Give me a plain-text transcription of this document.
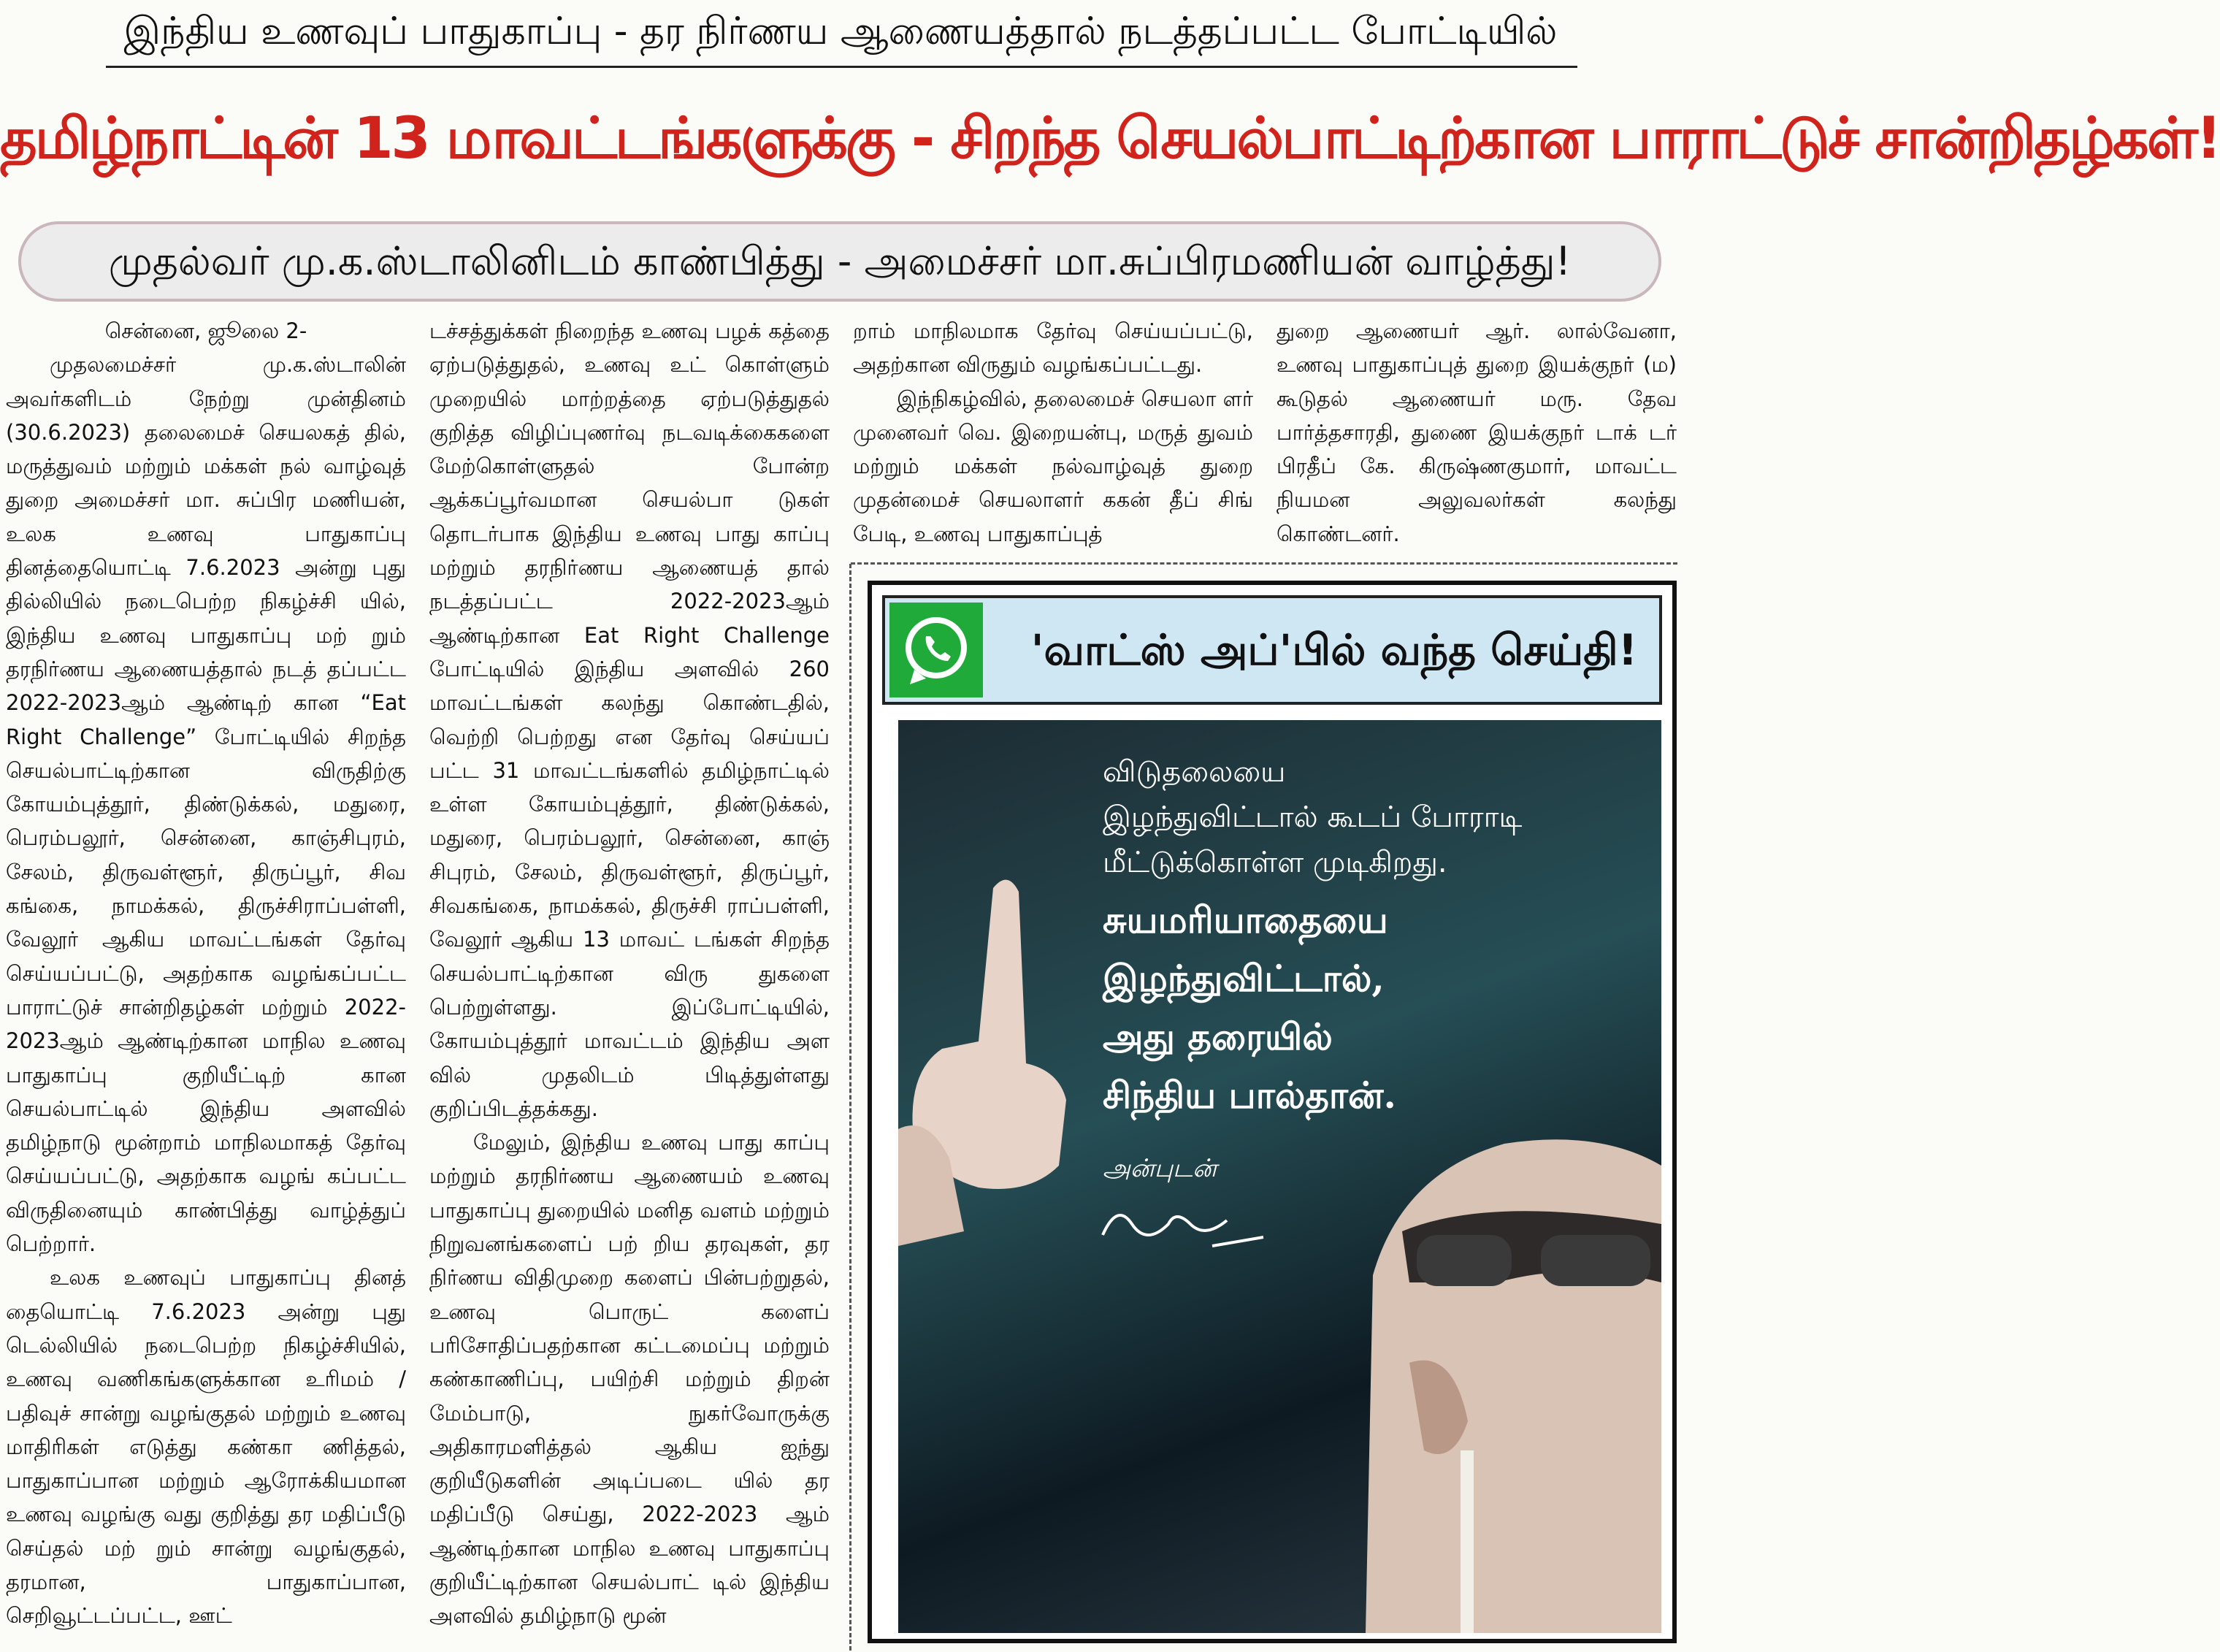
இந்திய உணவுப் பாதுகாப்பு - தர நிர்ணய ஆணையத்தால் நடத்தப்பட்ட போட்டியில்
தமிழ்நாட்டின் 13 மாவட்டங்களுக்கு - சிறந்த செயல்பாட்டிற்கான பாராட்டுச் சான்றிதழ்கள்!
முதல்வர் மு.க.ஸ்டாலினிடம் காண்பித்து - அமைச்சர் மா.சுப்பிரமணியன் வாழ்த்து!

சென்னை, ஜூலை 2-

முதலமைச்சர் மு.க.ஸ்டாலின் அவர்களிடம் நேற்று முன்தினம் (30.6.2023) தலைமைச் செயலகத் தில், மருத்துவம் மற்றும் மக்கள் நல் வாழ்வுத் துறை அமைச்சர் மா. சுப்பிர மணியன், உலக உணவு பாதுகாப்பு தினத்தையொட்டி 7.6.2023 அன்று புது தில்லியில் நடைபெற்ற நிகழ்ச்சி யில், இந்திய உணவு பாதுகாப்பு மற் றும் தரநிர்ணய ஆணையத்தால் நடத் தப்பட்ட 2022-2023ஆம் ஆண்டிற் கான “Eat Right Challenge” போட்டியில் சிறந்த செயல்பாட்டிற்கான விருதிற்கு கோயம்புத்தூர், திண்டுக்கல், மதுரை, பெரம்பலூர், சென்னை, காஞ்சிபுரம், சேலம், திருவள்ளூர், திருப்பூர், சிவ கங்கை, நாமக்கல், திருச்சிராப்பள்ளி, வேலூர் ஆகிய மாவட்டங்கள் தேர்வு செய்யப்பட்டு, அதற்காக வழங்கப்பட்ட பாராட்டுச் சான்றிதழ்கள் மற்றும் 2022-2023ஆம் ஆண்டிற்கான மாநில உணவு பாதுகாப்பு குறியீட்டிற் கான செயல்பாட்டில் இந்திய அளவில் தமிழ்நாடு மூன்றாம் மாநிலமாகத் தேர்வு செய்யப்பட்டு, அதற்காக வழங் கப்பட்ட விருதினையும் காண்பித்து வாழ்த்துப் பெற்றார்.

உலக உணவுப் பாதுகாப்பு தினத் தையொட்டி 7.6.2023 அன்று புது டெல்லியில் நடைபெற்ற நிகழ்ச்சியில், உணவு வணிகங்களுக்கான உரிமம் / பதிவுச் சான்று வழங்குதல் மற்றும் உணவு மாதிரிகள் எடுத்து கண்கா ணித்தல், பாதுகாப்பான மற்றும் ஆரோக்கியமான உணவு வழங்கு வது குறித்து தர மதிப்பீடு செய்தல் மற் றும் சான்று வழங்குதல், தரமான, பாதுகாப்பான, செறிவூட்டப்பட்ட, ஊட்

டச்சத்துக்கள் நிறைந்த உணவு பழக் கத்தை ஏற்படுத்துதல், உணவு உட் கொள்ளும் முறையில் மாற்றத்தை ஏற்படுத்துதல் குறித்த விழிப்புணர்வு நடவடிக்கைகளை மேற்கொள்ளுதல் போன்ற ஆக்கப்பூர்வமான செயல்பா டுகள் தொடர்பாக இந்திய உணவு பாது காப்பு மற்றும் தரநிர்ணய ஆணையத் தால் நடத்தப்பட்ட 2022-2023ஆம் ஆண்டிற்கான Eat Right Challenge போட்டியில் இந்திய அளவில் 260 மாவட்டங்கள் கலந்து கொண்டதில், வெற்றி பெற்றது என தேர்வு செய்யப் பட்ட 31 மாவட்டங்களில் தமிழ்நாட்டில் உள்ள கோயம்புத்தூர், திண்டுக்கல், மதுரை, பெரம்பலூர், சென்னை, காஞ் சிபுரம், சேலம், திருவள்ளூர், திருப்பூர், சிவகங்கை, நாமக்கல், திருச்சி ராப்பள்ளி, வேலூர் ஆகிய 13 மாவட் டங்கள் சிறந்த செயல்பாட்டிற்கான விரு துகளை பெற்றுள்ளது. இப்போட்டியில், கோயம்புத்தூர் மாவட்டம் இந்திய அள வில் முதலிடம் பிடித்துள்ளது குறிப்பிடத்தக்கது.

மேலும், இந்திய உணவு பாது காப்பு மற்றும் தரநிர்ணய ஆணையம் உணவு பாதுகாப்பு துறையில் மனித வளம் மற்றும் நிறுவனங்களைப் பற் றிய தரவுகள், தர நிர்ணய விதிமுறை களைப் பின்பற்றுதல், உணவு பொருட் களைப் பரிசோதிப்பதற்கான கட்டமைப்பு மற்றும் கண்காணிப்பு, பயிற்சி மற்றும் திறன் மேம்பாடு, நுகர்வோருக்கு அதிகாரமளித்தல் ஆகிய ஐந்து குறியீடுகளின் அடிப்படை யில் தர மதிப்பீடு செய்து, 2022-2023 ஆம் ஆண்டிற்கான மாநில உணவு பாதுகாப்பு குறியீட்டிற்கான செயல்பாட் டில் இந்திய அளவில் தமிழ்நாடு மூன்

றாம் மாநிலமாக தேர்வு செய்யப்பட்டு, அதற்கான விருதும் வழங்கப்பட்டது.

இந்நிகழ்வில், தலைமைச் செயலா ளர் முனைவர் வெ. இறையன்பு, மருத் துவம் மற்றும் மக்கள் நல்வாழ்வுத் துறை முதன்மைச் செயலாளர் ககன் தீப் சிங் பேடி, உணவு பாதுகாப்புத்

துறை ஆணையர் ஆர். லால்வேனா, உணவு பாதுகாப்புத் துறை இயக்குநர் (ம) கூடுதல் ஆணையர் மரு. தேவ பார்த்தசாரதி, துணை இயக்குநர் டாக் டர் பிரதீப் கே. கிருஷ்ணகுமார், மாவட்ட நியமன அலுவலர்கள் கலந்து கொண்டனர்.

'வாட்ஸ் அப்'பில் வந்த செய்தி!
விடுதலையை
இழந்துவிட்டால் கூடப் போராடி
மீட்டுக்கொள்ள முடிகிறது.
சுயமரியாதையை
இழந்துவிட்டால்,
அது தரையில்
சிந்திய பால்தான்.
அன்புடன்
